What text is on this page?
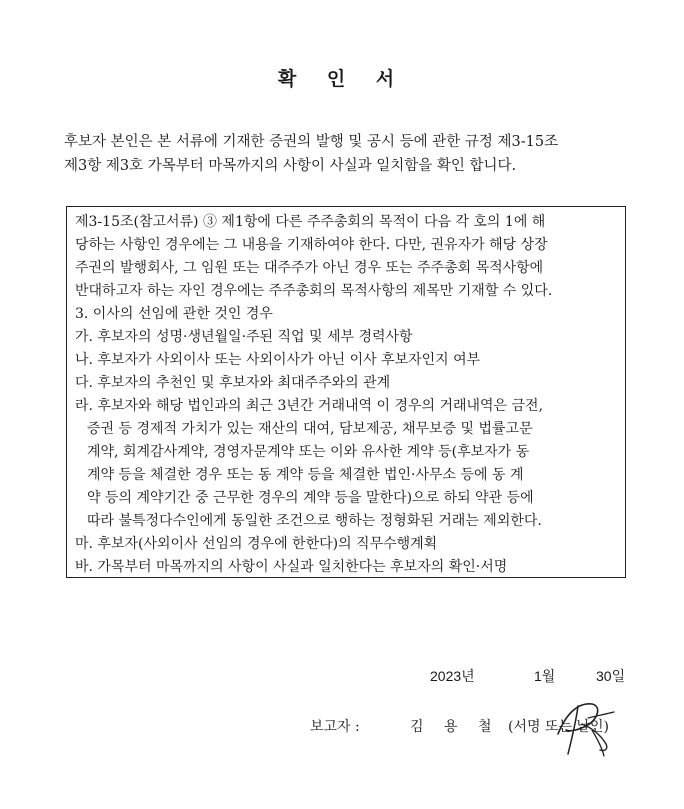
확 인 서

후보자 본인은 본 서류에 기재한 증권의 발행 및 공시 등에 관한 규정 제3-15조

제3항 제3호 가목부터 마목까지의 사항이 사실과 일치함을 확인 합니다.

제3-15조(참고서류) ③ 제1항에 다른 주주총회의 목적이 다음 각 호의 1에 해

당하는 사항인 경우에는 그 내용을 기재하여야 한다. 다만, 권유자가 해당 상장

주권의 발행회사, 그 임원 또는 대주주가 아닌 경우 또는 주주총회 목적사항에

반대하고자 하는 자인 경우에는 주주총회의 목적사항의 제목만 기재할 수 있다.

3. 이사의 선임에 관한 것인 경우

가. 후보자의 성명·생년월일·주된 직업 및 세부 경력사항

나. 후보자가 사외이사 또는 사외이사가 아닌 이사 후보자인지 여부

다. 후보자의 추천인 및 후보자와 최대주주와의 관계

라. 후보자와 해당 법인과의 최근 3년간 거래내역 이 경우의 거래내역은 금전,

증권 등 경제적 가치가 있는 재산의 대여, 담보제공, 채무보증 및 법률고문

계약, 회계감사계약, 경영자문계약 또는 이와 유사한 계약 등(후보자가 동

계약 등을 체결한 경우 또는 동 계약 등을 체결한 법인·사무소 등에 동 계

약 등의 계약기간 중 근무한 경우의 계약 등을 말한다)으로 하되 약관 등에

따라 불특정다수인에게 동일한 조건으로 행하는 정형화된 거래는 제외한다.

마. 후보자(사외이사 선임의 경우에 한한다)의 직무수행계획

바. 가목부터 마목까지의 사항이 사실과 일치한다는 후보자의 확인·서명

2023년	1월	30일
보고자 :	김 용 철 (서명 또는 날인)
